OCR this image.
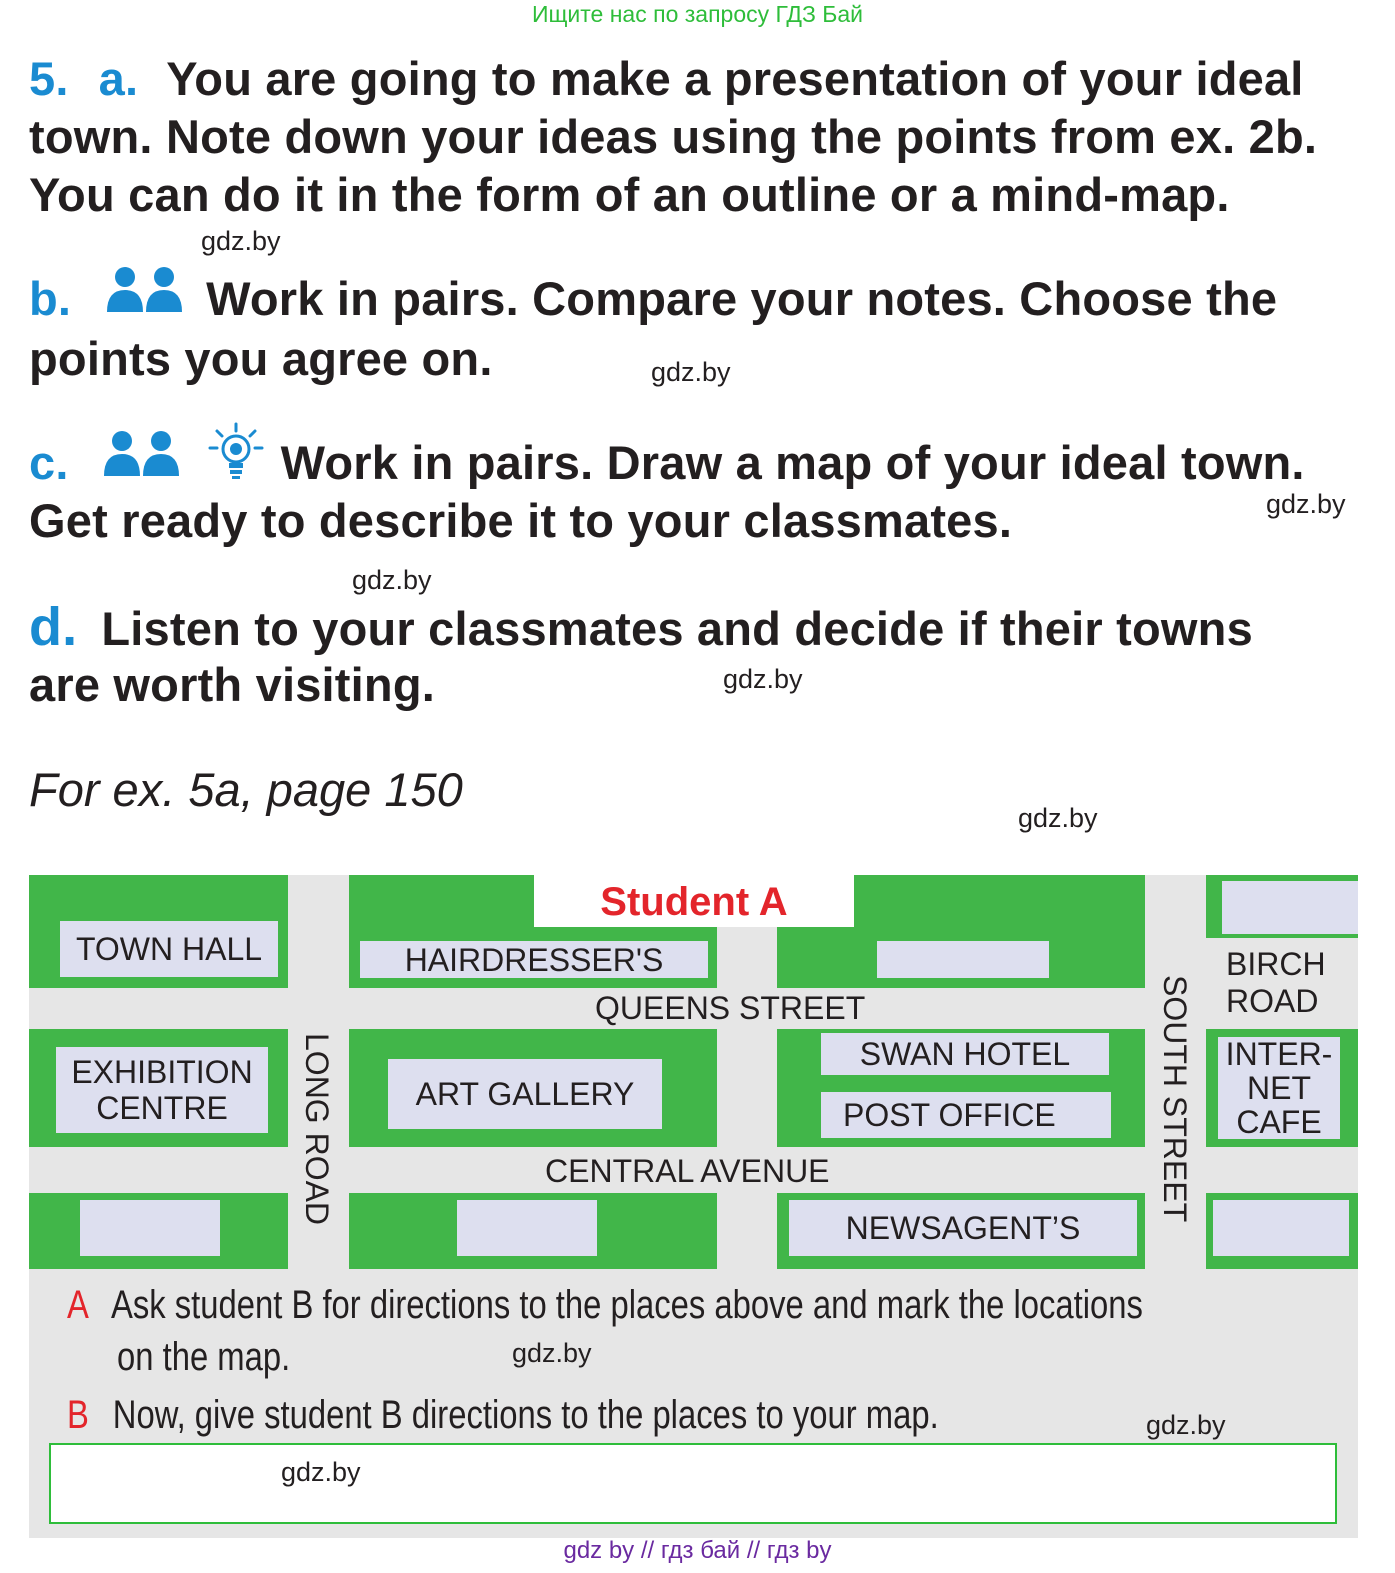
Ищите нас по запросу ГДЗ Бай
5. a. You are going to make a presentation of your ideal
town. Note down your ideas using the points from ex. 2b.
You can do it in the form of an outline or a mind-map.
gdz.by
b.	Work in pairs. Compare your notes. Choose the
points you agree on.	gdz.by
c.	Work in pairs. Draw a map of your ideal town.
gdz.by
Get ready to describe it to your classmates.
gdz.by
d. Listen to your classmates and decide if their towns
are worth visiting.	gdz.by
For ex. 5a, page 150
gdz.by
Student A
TOWN HALL	HAIRDRESSER'S
EXHIBITION
CENTRE	ART GALLERY
SWAN HOTEL
POST OFFICE
INTER-
NET
CAFE
NEWSAGENT’S
QUEENS STREET
CENTRAL AVENUE
LONG ROAD	SOUTH STREET
BIRCH
ROAD
A Ask student B for directions to the places above and mark the locations
on the map.
B Now, give student B directions to the places to your map.
gdz.by
gdz.by
gdz.by
gdz by // гдз бай // гдз by
